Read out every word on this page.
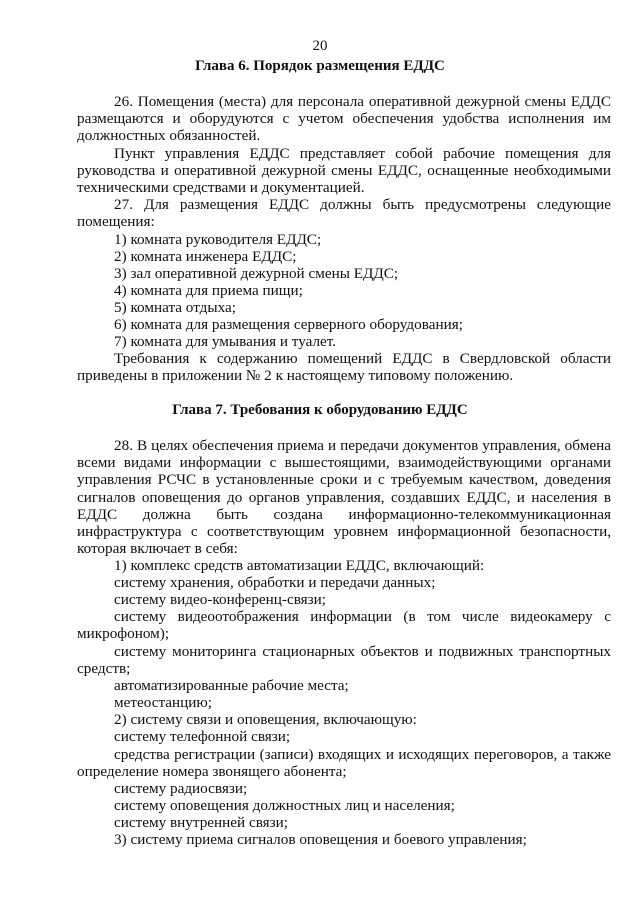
20
Глава 6. Порядок размещения ЕДДС

26. Помещения (места) для персонала оперативной дежурной смены ЕДДС размещаются и оборудуются с учетом обеспечения удобства исполнения им должностных обязанностей.

Пункт управления ЕДДС представляет собой рабочие помещения для руководства и оперативной дежурной смены ЕДДС, оснащенные необходимыми техническими средствами и документацией.

27. Для размещения ЕДДС должны быть предусмотрены следующие помещения:

1) комната руководителя ЕДДС;
2) комната инженера ЕДДС;
3) зал оперативной дежурной смены ЕДДС;
4) комната для приема пищи;
5) комната отдыха;
6) комната для размещения серверного оборудования;
7) комната для умывания и туалет.

Требования к содержанию помещений ЕДДС в Свердловской области приведены в приложении № 2 к настоящему типовому положению.

Глава 7. Требования к оборудованию ЕДДС

28. В целях обеспечения приема и передачи документов управления, обмена всеми видами информации с вышестоящими, взаимодействующими органами управления РСЧС в установленные сроки и с требуемым качеством, доведения сигналов оповещения до органов управления, создавших ЕДДС, и населения в ЕДДС должна быть создана информационно-телекоммуникационная инфраструктура с соответствующим уровнем информационной безопасности, которая включает в себя:

1) комплекс средств автоматизации ЕДДС, включающий:
систему хранения, обработки и передачи данных;
систему видео-конференц-связи;

систему видеоотображения информации (в том числе видеокамеру с микрофоном);

систему мониторинга стационарных объектов и подвижных транспортных средств;

автоматизированные рабочие места;
метеостанцию;
2) систему связи и оповещения, включающую:
систему телефонной связи;

средства регистрации (записи) входящих и исходящих переговоров, а также определение номера звонящего абонента;

систему радиосвязи;
систему оповещения должностных лиц и населения;
систему внутренней связи;
3) систему приема сигналов оповещения и боевого управления;
